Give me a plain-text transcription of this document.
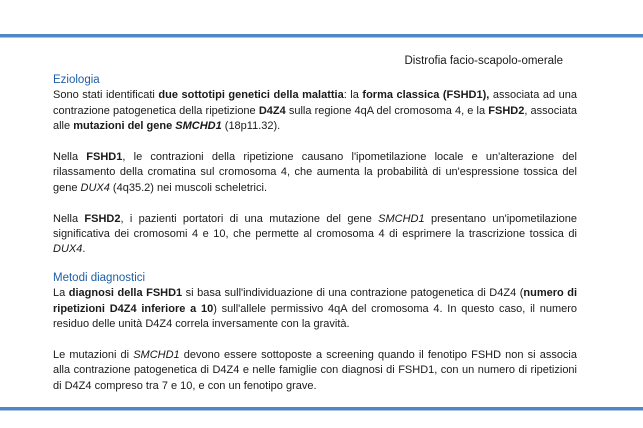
Distrofia facio-scapolo-omerale
Eziologia

Sono stati identificati due sottotipi genetici della malattia: la forma classica (FSHD1), associata ad una contrazione patogenetica della ripetizione D4Z4 sulla regione 4qA del cromosoma 4, e la FSHD2, associata alle mutazioni del gene SMCHD1 (18p11.32).

Nella FSHD1, le contrazioni della ripetizione causano l'ipometilazione locale e un'alterazione del rilassamento della cromatina sul cromosoma 4, che aumenta la probabilità di un'espressione tossica del gene DUX4 (4q35.2) nei muscoli scheletrici.

Nella FSHD2, i pazienti portatori di una mutazione del gene SMCHD1 presentano un'ipometilazione significativa dei cromosomi 4 e 10, che permette al cromosoma 4 di esprimere la trascrizione tossica di DUX4.

Metodi diagnostici

La diagnosi della FSHD1 si basa sull'individuazione di una contrazione patogenetica di D4Z4 (numero di ripetizioni D4Z4 inferiore a 10) sull'allele permissivo 4qA del cromosoma 4. In questo caso, il numero residuo delle unità D4Z4 correla inversamente con la gravità.

Le mutazioni di SMCHD1 devono essere sottoposte a screening quando il fenotipo FSHD non si associa alla contrazione patogenetica di D4Z4 e nelle famiglie con diagnosi di FSHD1, con un numero di ripetizioni di D4Z4 compreso tra 7 e 10, e con un fenotipo grave.
